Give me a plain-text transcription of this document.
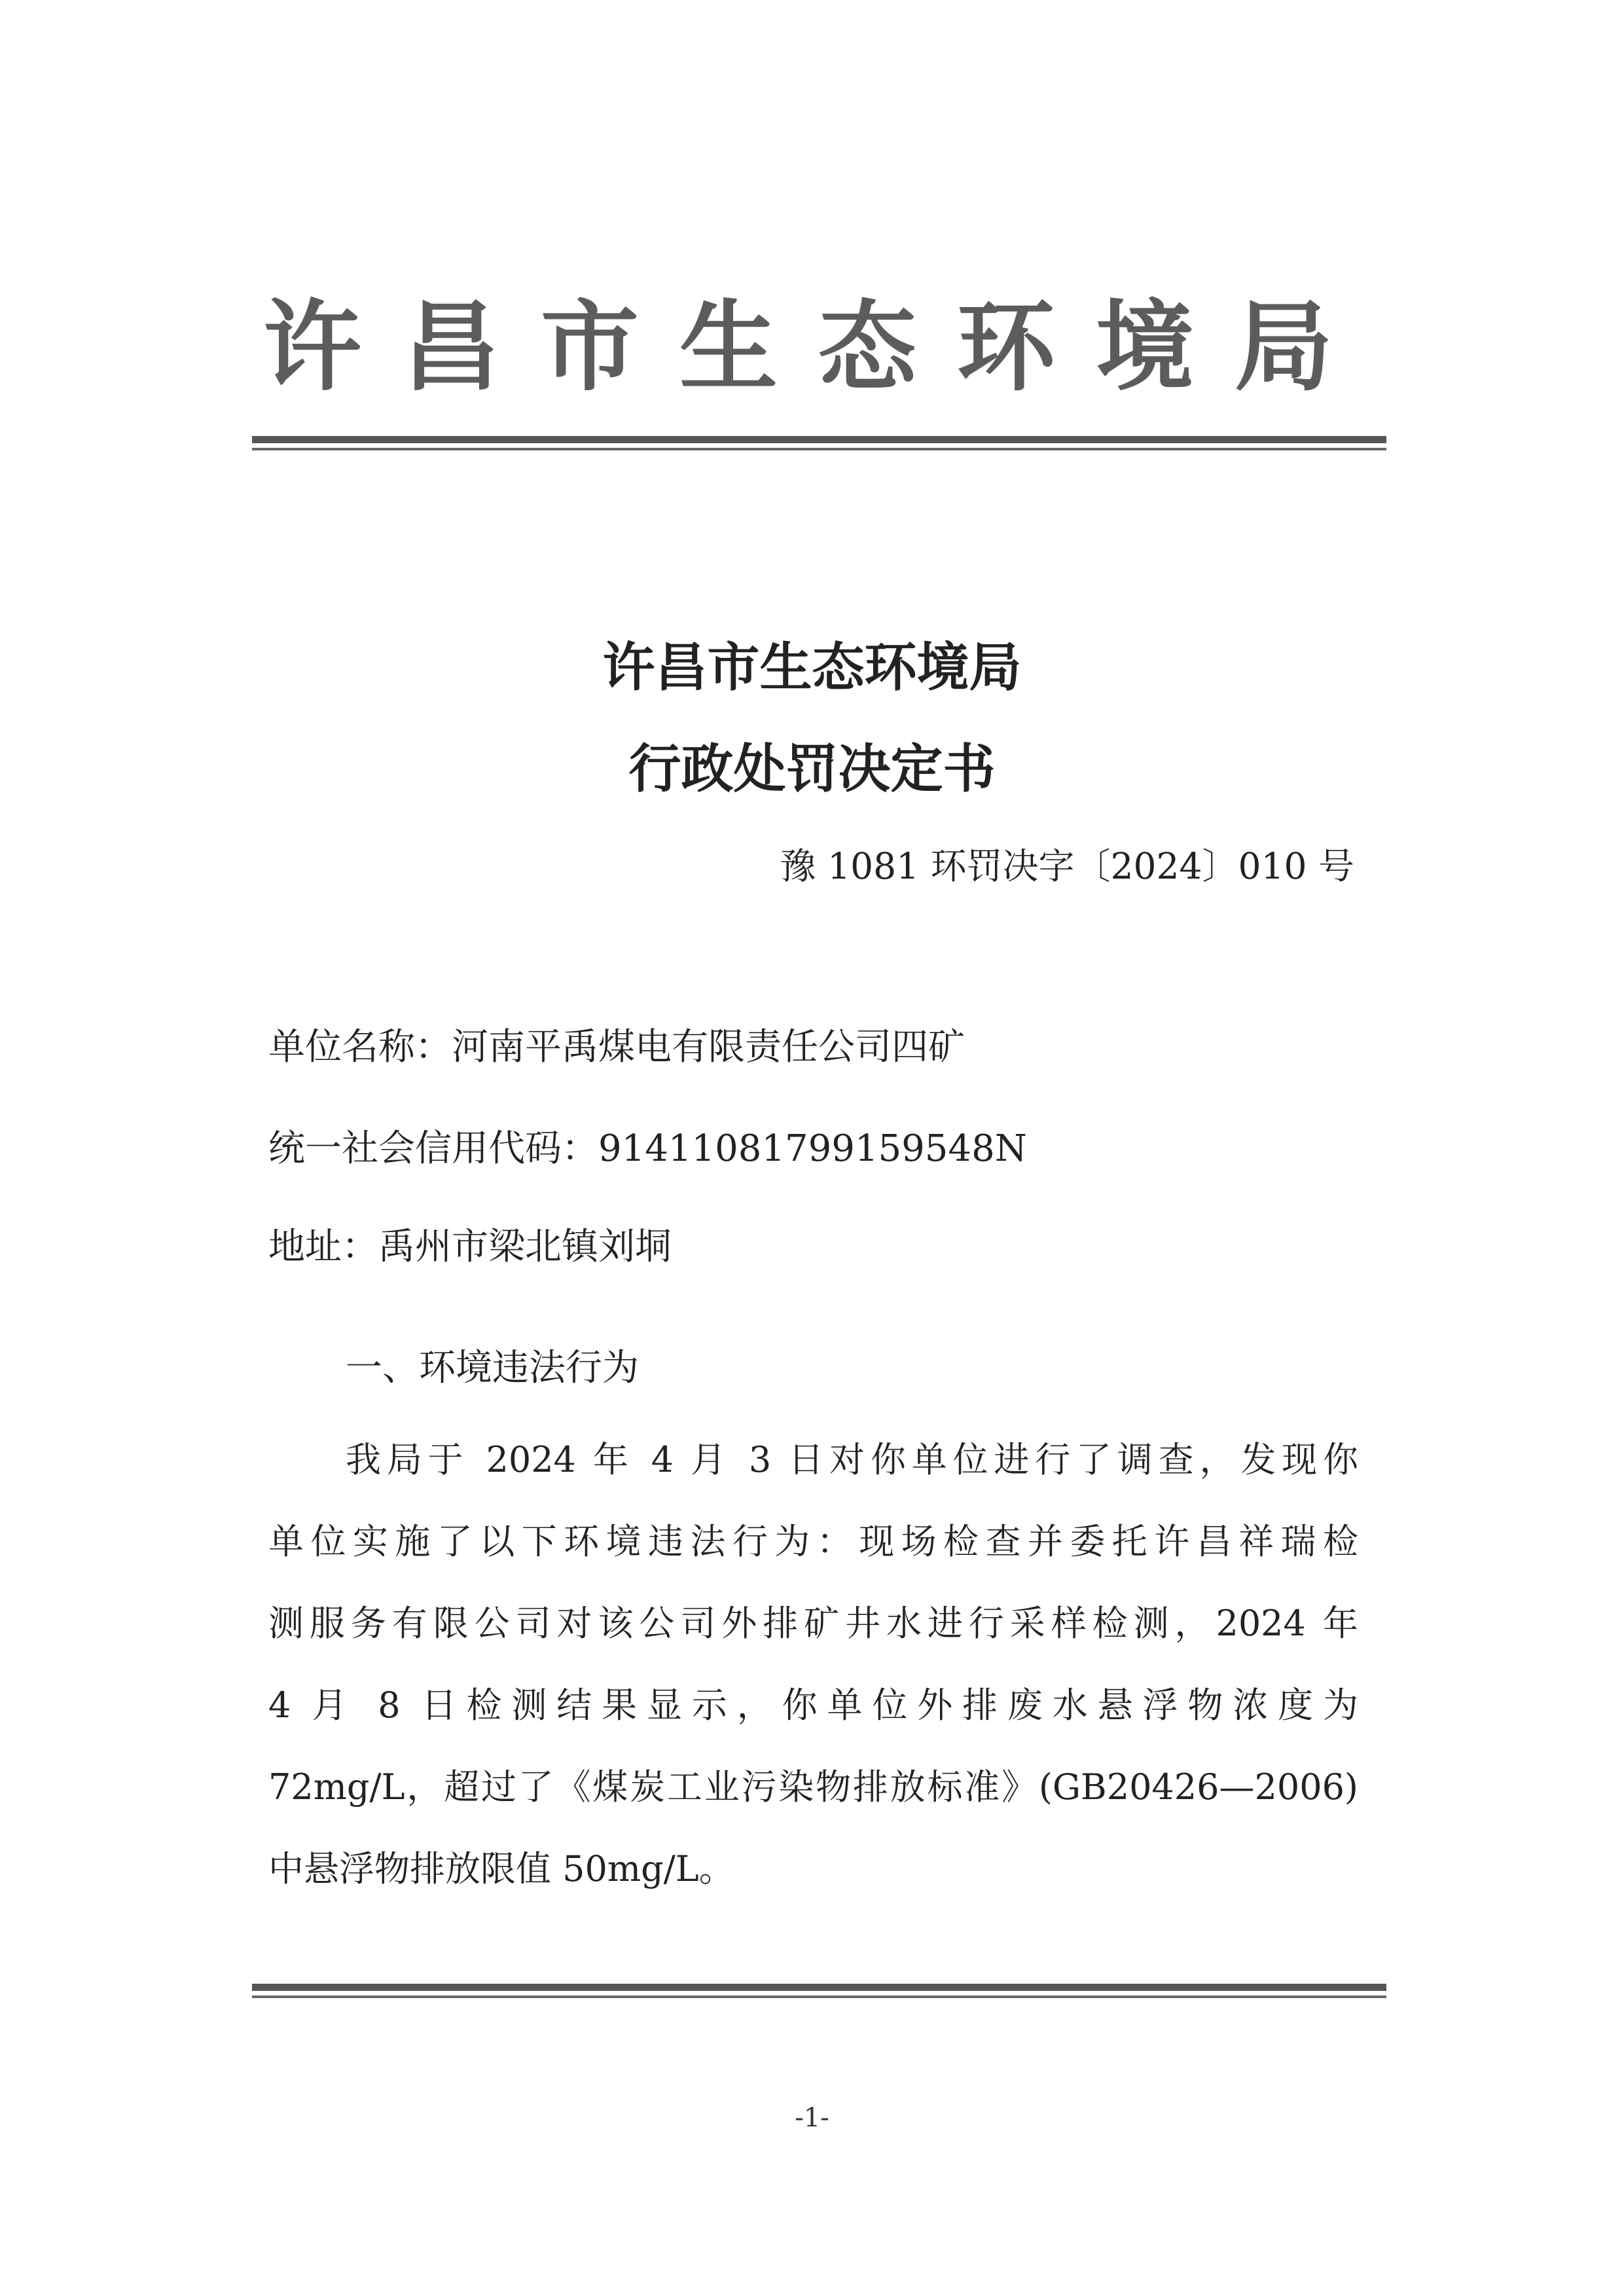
许昌市生态环境局
许昌市生态环境局
行政处罚决定书
豫 1081 环罚决字〔2024〕010 号
单位名称：河南平禹煤电有限责任公司四矿
统一社会信用代码：91411081799159548N
地址：禹州市梁北镇刘垌
一、环境违法行为
我局于 2024 年 4 月 3 日对你单位进行了调查，发现你
单位实施了以下环境违法行为：现场检查并委托许昌祥瑞检
测服务有限公司对该公司外排矿井水进行采样检测，2024 年
4 月 8 日检测结果显示，你单位外排废水悬浮物浓度为
72mg/L，超过了《煤炭工业污染物排放标准》(GB20426—2006)
中悬浮物排放限值 50mg/L。
-1-
